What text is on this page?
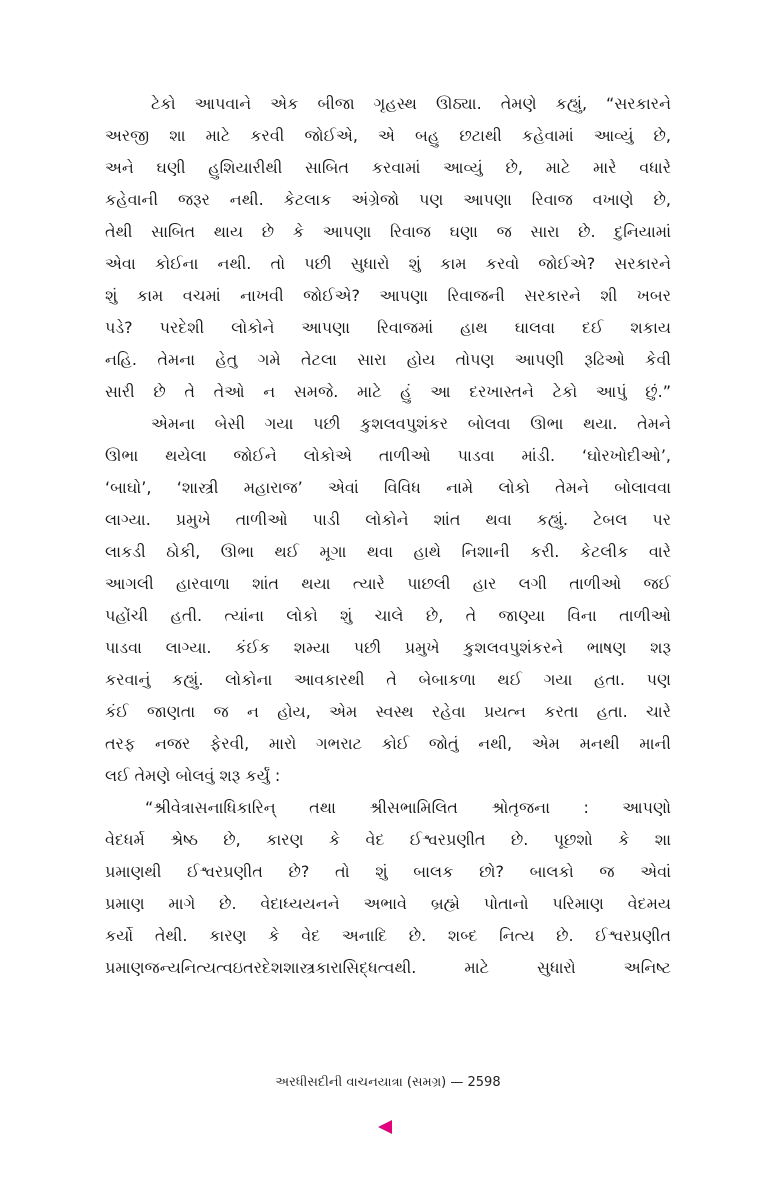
ટેકો આપવાને એક બીજા ગૃહસ્થ ઊઠ્યા. તેમણે કહ્યું, “સરકારને
અરજી શા માટે કરવી જોઈએ, એ બહુ છટાથી કહેવામાં આવ્યું છે,
અને ઘણી હુશિયારીથી સાબિત કરવામાં આવ્યું છે, માટે મારે વધારે
કહેવાની જરૂર નથી. કેટલાક અંગ્રેજો પણ આપણા રિવાજ વખાણે છે,
તેથી સાબિત થાય છે કે આપણા રિવાજ ઘણા જ સારા છે. દુનિયામાં
એવા કોઈના નથી. તો પછી સુધારો શું કામ કરવો જોઈએ? સરકારને
શું કામ વચમાં નાખવી જોઈએ? આપણા રિવાજની સરકારને શી ખબર
પડે? પરદેશી લોકોને આપણા રિવાજમાં હાથ ઘાલવા દઈ શકાય
નહિ. તેમના હેતુ ગમે તેટલા સારા હોય તોપણ આપણી રૂઢિઓ કેવી
સારી છે તે તેઓ ન સમજે. માટે હું આ દરખાસ્તને ટેકો આપું છું.”
એમના બેસી ગયા પછી કુશલવપુશંકર બોલવા ઊભા થયા. તેમને
ઊભા થયેલા જોઈને લોકોએ તાળીઓ પાડવા માંડી. ‘ઘોરખોદીઓ’,
‘બાઘો’, ‘શાસ્ત્રી મહારાજ’ એવાં વિવિધ નામે લોકો તેમને બોલાવવા
લાગ્યા. પ્રમુખે તાળીઓ પાડી લોકોને શાંત થવા કહ્યું. ટેબલ પર
લાકડી ઠોકી, ઊભા થઈ મૂગા થવા હાથે નિશાની કરી. કેટલીક વારે
આગલી હારવાળા શાંત થયા ત્યારે પાછલી હાર લગી તાળીઓ જઈ
પહોંચી હતી. ત્યાંના લોકો શું ચાલે છે, તે જાણ્યા વિના તાળીઓ
પાડવા લાગ્યા. કંઈક શમ્યા પછી પ્રમુખે કુશલવપુશંકરને ભાષણ શરૂ
કરવાનું કહ્યું. લોકોના આવકારથી તે બેબાકળા થઈ ગયા હતા. પણ
કંઈ જાણતા જ ન હોય, એમ સ્વસ્થ રહેવા પ્રયત્ન કરતા હતા. ચારે
તરફ નજર ફેરવી, મારો ગભરાટ કોઈ જોતું નથી, એમ મનથી માની
લઈ તેમણે બોલવું શરૂ કર્યું :
“શ્રીવેત્રાસનાધિકારિન્ તથા શ્રીસભામિલિત શ્રોતૃજના : આપણો
વેદધર્મ શ્રેષ્ઠ છે, કારણ કે વેદ ઈશ્વરપ્રણીત છે. પૂછશો કે શા
પ્રમાણથી ઈશ્વરપ્રણીત છે? તો શું બાલક છો? બાલકો જ એવાં
પ્રમાણ માગે છે. વેદાધ્યયનને અભાવે બ્રહ્મે પોતાનો પરિમાણ વેદમય
કર્યો તેથી. કારણ કે વેદ અનાદિ છે. શબ્દ નિત્ય છે. ઈશ્વરપ્રણીત
પ્રમાણજન્યનિત્યત્વઇતરદેશશાસ્ત્રકારાસિદ્ધત્વથી. માટે સુધારો અનિષ્ટ
અરધીસદીની વાચનયાત્રા (સમગ્ર) — 2598
